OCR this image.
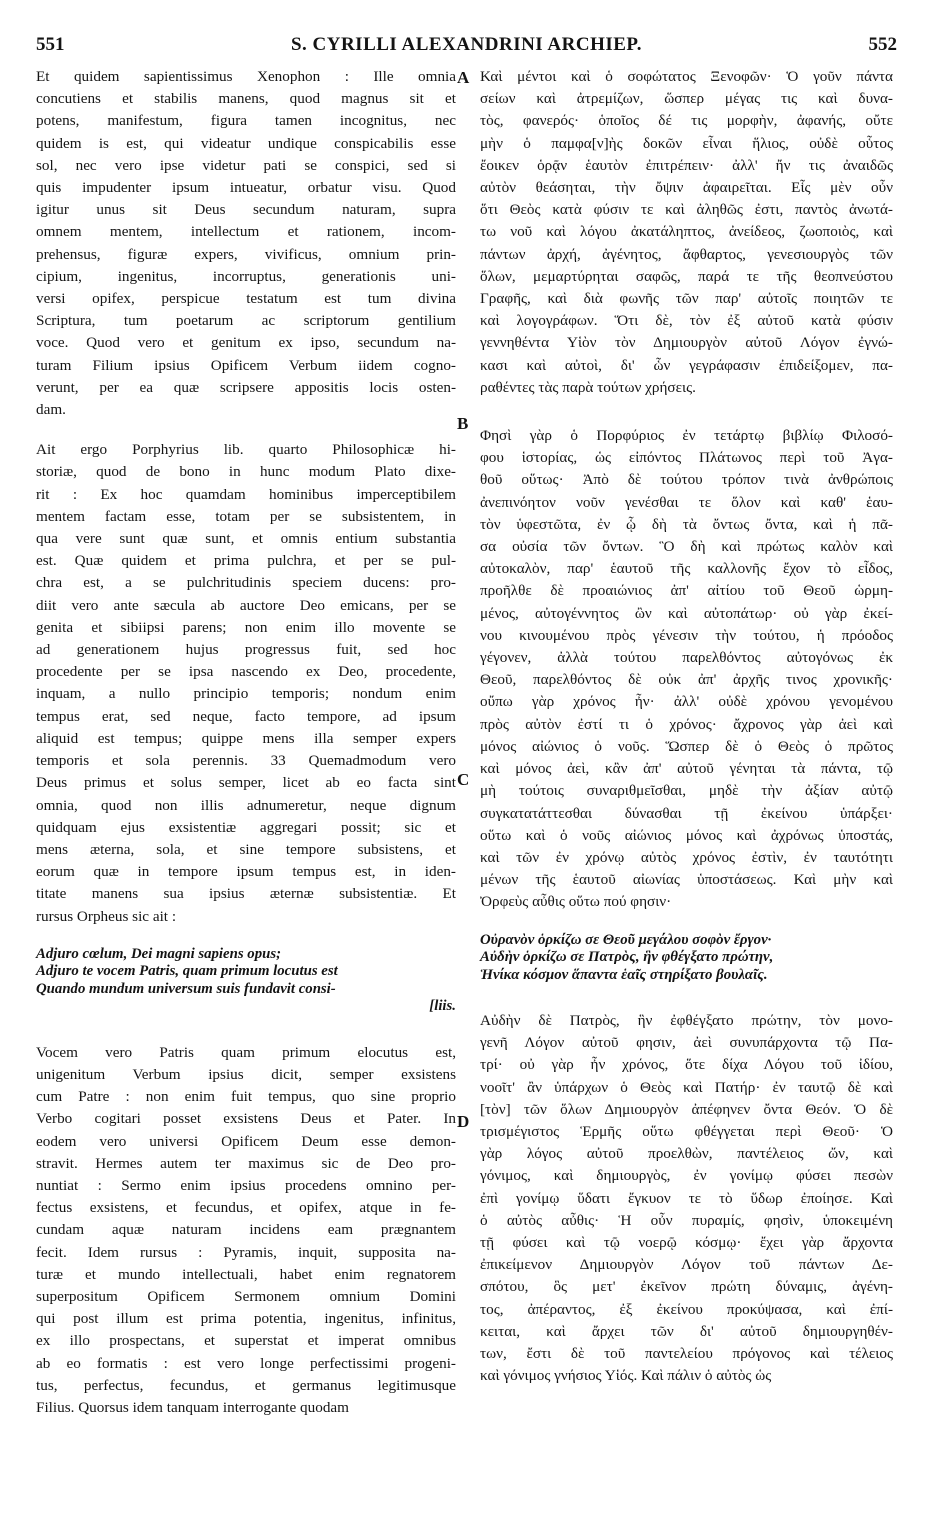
551	S. CYRILLI ALEXANDRINI ARCHIEP.	552

Et quidem sapientissimus Xenophon : Ille omnia

concutiens et stabilis manens, quod magnus sit et

potens, manifestum, figura tamen incognitus, nec

quidem is est, qui videatur undique conspicabilis esse

sol, nec vero ipse videtur pati se conspici, sed si

quis impudenter ipsum intueatur, orbatur visu. Quod

igitur unus sit Deus secundum naturam, supra

omnem mentem, intellectum et rationem, incom-

prehensus, figuræ expers, vivificus, omnium prin-

cipium, ingenitus, incorruptus, generationis uni-

versi opifex, perspicue testatum est tum divina

Scriptura, tum poetarum ac scriptorum gentilium

voce. Quod vero et genitum ex ipso, secundum na-

turam Filium ipsius Opificem Verbum iidem cogno-

verunt, per ea quæ scripsere appositis locis osten-

dam.

Ait ergo Porphyrius lib. quarto Philosophicæ hi-

storiæ, quod de bono in hunc modum Plato dixe-

rit : Ex hoc quamdam hominibus imperceptibilem

mentem factam esse, totam per se subsistentem, in

qua vere sunt quæ sunt, et omnis entium substantia

est. Quæ quidem et prima pulchra, et per se pul-

chra est, a se pulchritudinis speciem ducens: pro-

diit vero ante sæcula ab auctore Deo emicans, per se

genita et sibiipsi parens; non enim illo movente se

ad generationem hujus progressus fuit, sed hoc

procedente per se ipsa nascendo ex Deo, procedente,

inquam, a nullo principio temporis; nondum enim

tempus erat, sed neque, facto tempore, ad ipsum

aliquid est tempus; quippe mens illa semper expers

temporis et sola perennis. 33 Quemadmodum vero

Deus primus et solus semper, licet ab eo facta sint

omnia, quod non illis adnumeretur, neque dignum

quidquam ejus exsistentiæ aggregari possit; sic et

mens æterna, sola, et sine tempore subsistens, et

eorum quæ in tempore ipsum tempus est, in iden-

titate manens sua ipsius æternæ subsistentiæ. Et

rursus Orpheus sic ait :

Adjuro cœlum, Dei magni sapiens opus;
Adjuro te vocem Patris, quam primum locutus est
Quando mundum universum suis fundavit consi-
[liis.

Vocem vero Patris quam primum elocutus est,

unigenitum Verbum ipsius dicit, semper exsistens

cum Patre : non enim fuit tempus, quo sine proprio

Verbo cogitari posset exsistens Deus et Pater. In

eodem vero universi Opificem Deum esse demon-

stravit. Hermes autem ter maximus sic de Deo pro-

nuntiat : Sermo enim ipsius procedens omnino per-

fectus exsistens, et fecundus, et opifex, atque in fe-

cundam aquæ naturam incidens eam prægnantem

fecit. Idem rursus : Pyramis, inquit, supposita na-

turæ et mundo intellectuali, habet enim regnatorem

superpositum Opificem Sermonem omnium Domini

qui post illum est prima potentia, ingenitus, infinitus,

ex illo prospectans, et superstat et imperat omnibus

ab eo formatis : est vero longe perfectissimi progeni-

tus, perfectus, fecundus, et germanus legitimusque

Filius. Quorsus idem tanquam interrogante quodam

Καὶ μέντοι καὶ ὁ σοφώτατος Ξενοφῶν· Ὁ γοῦν πάντα

σείων καὶ ἀτρεμίζων, ὥσπερ μέγας τις καὶ δυνα-

τὸς, φανερός· ὁποῖος δέ τις μορφὴν, ἀφανής, οὔτε

μὴν ὁ παμφα[ν]ὴς δοκῶν εἶναι ἥλιος, οὐδὲ οὗτος

ἔοικεν ὁρᾷν ἑαυτὸν ἐπιτρέπειν· ἀλλ' ἤν τις ἀναιδῶς

αὐτὸν θεάσηται, τὴν ὄψιν ἀφαιρεῖται. Εἷς μὲν οὖν

ὅτι Θεὸς κατὰ φύσιν τε καὶ ἀληθῶς ἐστι, παντὸς ἀνωτά-

τω νοῦ καὶ λόγου ἀκατάληπτος, ἀνείδεος, ζωοποιὸς, καὶ

πάντων ἀρχή, ἀγένητος, ἄφθαρτος, γενεσιουργὸς τῶν

ὅλων, μεμαρτύρηται σαφῶς, παρά τε τῆς θεοπνεύστου

Γραφῆς, καὶ διὰ φωνῆς τῶν παρ' αὐτοῖς ποιητῶν τε

καὶ λογογράφων. Ὅτι δὲ, τὸν ἐξ αὐτοῦ κατὰ φύσιν

γεννηθέντα Υἱὸν τὸν Δημιουργὸν αὐτοῦ Λόγον ἐγνώ-

κασι καὶ αὐτοὶ, δι' ὧν γεγράφασιν ἐπιδείξομεν, πα-

ραθέντες τὰς παρὰ τούτων χρήσεις.

Φησὶ γὰρ ὁ Πορφύριος ἐν τετάρτῳ βιβλίῳ Φιλοσό-

φου ἱστορίας, ὡς εἰπόντος Πλάτωνος περὶ τοῦ Ἀγα-

θοῦ οὕτως· Ἀπὸ δὲ τούτου τρόπον τινὰ ἀνθρώποις

ἀνεπινόητον νοῦν γενέσθαι τε ὅλον καὶ καθ' ἑαυ-

τὸν ὑφεστῶτα, ἐν ᾧ δὴ τὰ ὄντως ὄντα, καὶ ἡ πᾶ-

σα οὐσία τῶν ὄντων. Ὃ δὴ καὶ πρώτως καλὸν καὶ

αὐτοκαλὸν, παρ' ἑαυτοῦ τῆς καλλονῆς ἔχον τὸ εἶδος,

προῆλθε δὲ προαιώνιος ἀπ' αἰτίου τοῦ Θεοῦ ὡρμη-

μένος, αὐτογέννητος ὢν καὶ αὐτοπάτωρ· οὐ γὰρ ἐκεί-

νου κινουμένου πρὸς γένεσιν τὴν τούτου, ἡ πρόοδος

γέγονεν, ἀλλὰ τούτου παρελθόντος αὐτογόνως ἐκ

Θεοῦ, παρελθόντος δὲ οὐκ ἀπ' ἀρχῆς τινος χρονικῆς·

οὔπω γὰρ χρόνος ἦν· ἀλλ' οὐδὲ χρόνου γενομένου

πρὸς αὐτὸν ἐστί τι ὁ χρόνος· ἄχρονος γὰρ ἀεὶ καὶ

μόνος αἰώνιος ὁ νοῦς. Ὥσπερ δὲ ὁ Θεὸς ὁ πρῶτος

καὶ μόνος ἀεὶ, κἂν ἀπ' αὐτοῦ γένηται τὰ πάντα, τῷ

μὴ τούτοις συναριθμεῖσθαι, μηδὲ τὴν ἀξίαν αὐτῷ

συγκατατάττεσθαι δύνασθαι τῇ ἐκείνου ὑπάρξει·

οὕτω καὶ ὁ νοῦς αἰώνιος μόνος καὶ ἀχρόνως ὑποστάς,

καὶ τῶν ἐν χρόνῳ αὐτὸς χρόνος ἐστὶν, ἐν ταυτότητι

μένων τῆς ἑαυτοῦ αἰωνίας ὑποστάσεως. Καὶ μὴν καὶ

Ὀρφεὺς αὖθις οὕτω πού φησιν·

Οὐρανὸν ὁρκίζω σε Θεοῦ μεγάλου σοφὸν ἔργον·
Αὐδὴν ὁρκίζω σε Πατρὸς, ἣν φθέγξατο πρώτην,
Ἡνίκα κόσμον ἅπαντα ἑαῖς στηρίξατο βουλαῖς.

Αὐδὴν δὲ Πατρὸς, ἣν ἐφθέγξατο πρώτην, τὸν μονο-

γενῆ Λόγον αὐτοῦ φησιν, ἀεὶ συνυπάρχοντα τῷ Πα-

τρί· οὐ γὰρ ἦν χρόνος, ὅτε δίχα Λόγου τοῦ ἰδίου,

νοοῖτ' ἂν ὑπάρχων ὁ Θεὸς καὶ Πατήρ· ἐν ταυτῷ δὲ καὶ

[τὸν] τῶν ὅλων Δημιουργὸν ἀπέφηνεν ὄντα Θεόν. Ὁ δὲ

τρισμέγιστος Ἑρμῆς οὕτω φθέγγεται περὶ Θεοῦ· Ὁ

γὰρ λόγος αὐτοῦ προελθὼν, παντέλειος ὤν, καὶ

γόνιμος, καὶ δημιουργὸς, ἐν γονίμῳ φύσει πεσὼν

ἐπὶ γονίμῳ ὕδατι ἔγκυον τε τὸ ὕδωρ ἐποίησε. Καὶ

ὁ αὐτὸς αὖθις· Ἡ οὖν πυραμίς, φησὶν, ὑποκειμένη

τῇ φύσει καὶ τῷ νοερῷ κόσμῳ· ἔχει γὰρ ἄρχοντα

ἐπικείμενον Δημιουργὸν Λόγον τοῦ πάντων Δε-

σπότου, ὃς μετ' ἐκεῖνον πρώτη δύναμις, ἀγένη-

τος, ἀπέραντος, ἐξ ἐκείνου προκύψασα, καὶ ἐπί-

κειται, καὶ ἄρχει τῶν δι' αὐτοῦ δημιουργηθέν-

των, ἔστι δὲ τοῦ παντελείου πρόγονος καὶ τέλειος

καὶ γόνιμος γνήσιος Υἱός. Καὶ πάλιν ὁ αὐτὸς ὡς

A
B
C
D
